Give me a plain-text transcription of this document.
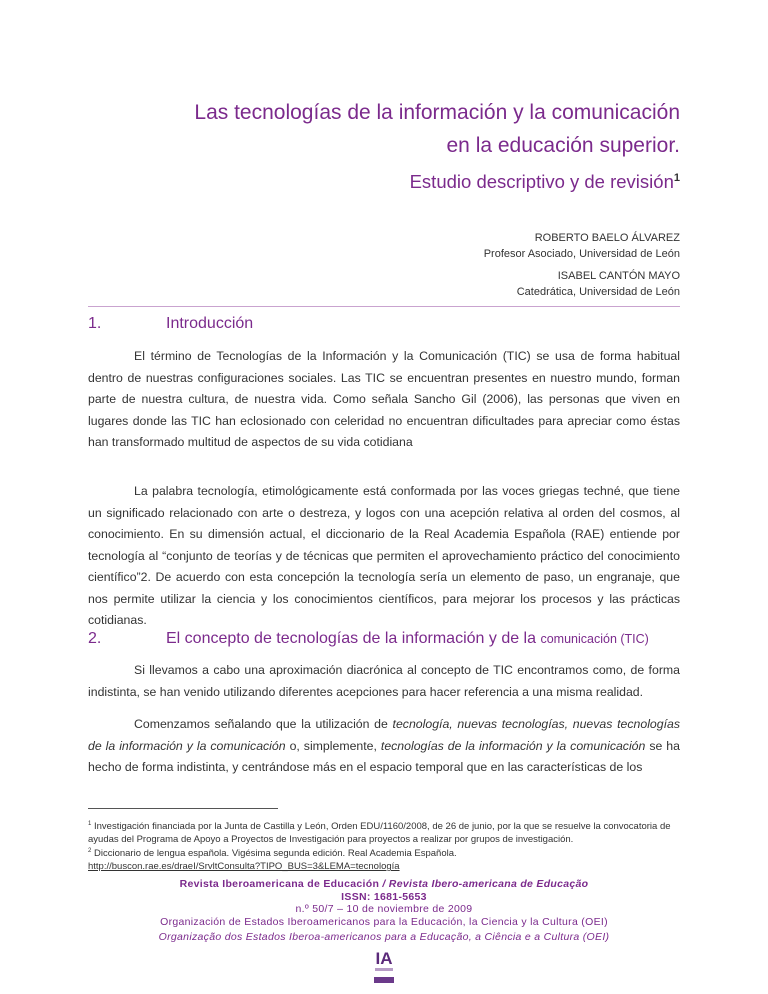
Las tecnologías de la información y la comunicación
en la educación superior.
Estudio descriptivo y de revisión$^1$
ROBERTO BAELO ÁLVAREZ
Profesor Asociado, Universidad de León
ISABEL CANTÓN MAYO
Catedrática, Universidad de León
1.	Introducción
El término de Tecnologías de la Información y la Comunicación (TIC) se usa de forma habitual dentro de nuestras configuraciones sociales. Las TIC se encuentran presentes en nuestro mundo, forman parte de nuestra cultura, de nuestra vida. Como señala Sancho Gil (2006), las personas que viven en lugares donde las TIC han eclosionado con celeridad no encuentran dificultades para apreciar como éstas han transformado multitud de aspectos de su vida cotidiana
La palabra tecnología, etimológicamente está conformada por las voces griegas techné, que tiene un significado relacionado con arte o destreza, y logos con una acepción relativa al orden del cosmos, al conocimiento. En su dimensión actual, el diccionario de la Real Academia Española (RAE) entiende por tecnología al “conjunto de teorías y de técnicas que permiten el aprovechamiento práctico del conocimiento científico”2. De acuerdo con esta concepción la tecnología sería un elemento de paso, un engranaje, que nos permite utilizar la ciencia y los conocimientos científicos, para mejorar los procesos y las prácticas cotidianas.
2.	El concepto de tecnologías de la información y de la comunicación (TIC)
Si llevamos a cabo una aproximación diacrónica al concepto de TIC encontramos como, de forma indistinta, se han venido utilizando diferentes acepciones para hacer referencia a una misma realidad.
Comenzamos señalando que la utilización de tecnología, nuevas tecnologías, nuevas tecnologías de la información y la comunicación o, simplemente, tecnologías de la información y la comunicación se ha hecho de forma indistinta, y centrándose más en el espacio temporal que en las características de los
$^1$ Investigación financiada por la Junta de Castilla y León, Orden EDU/1160/2008, de 26 de junio, por la que se resuelve la convocatoria de ayudas del Programa de Apoyo a Proyectos de Investigación para proyectos a realizar por grupos de investigación.
$^2$ Diccionario de lengua española. Vigésima segunda edición. Real Academia Española.
http://buscon.rae.es/draeI/SrvltConsulta?TIPO_BUS=3&LEMA=tecnología
Revista Iberoamericana de Educación / Revista Ibero-americana de Educação
ISSN: 1681-5653
n.º 50/7 – 10 de noviembre de 2009
Organización de Estados Iberoamericanos para la Educación, la Ciencia y la Cultura (OEI)
Organização dos Estados Iberoa-americanos para a Educação, a Ciência e a Cultura (OEI)
IA
